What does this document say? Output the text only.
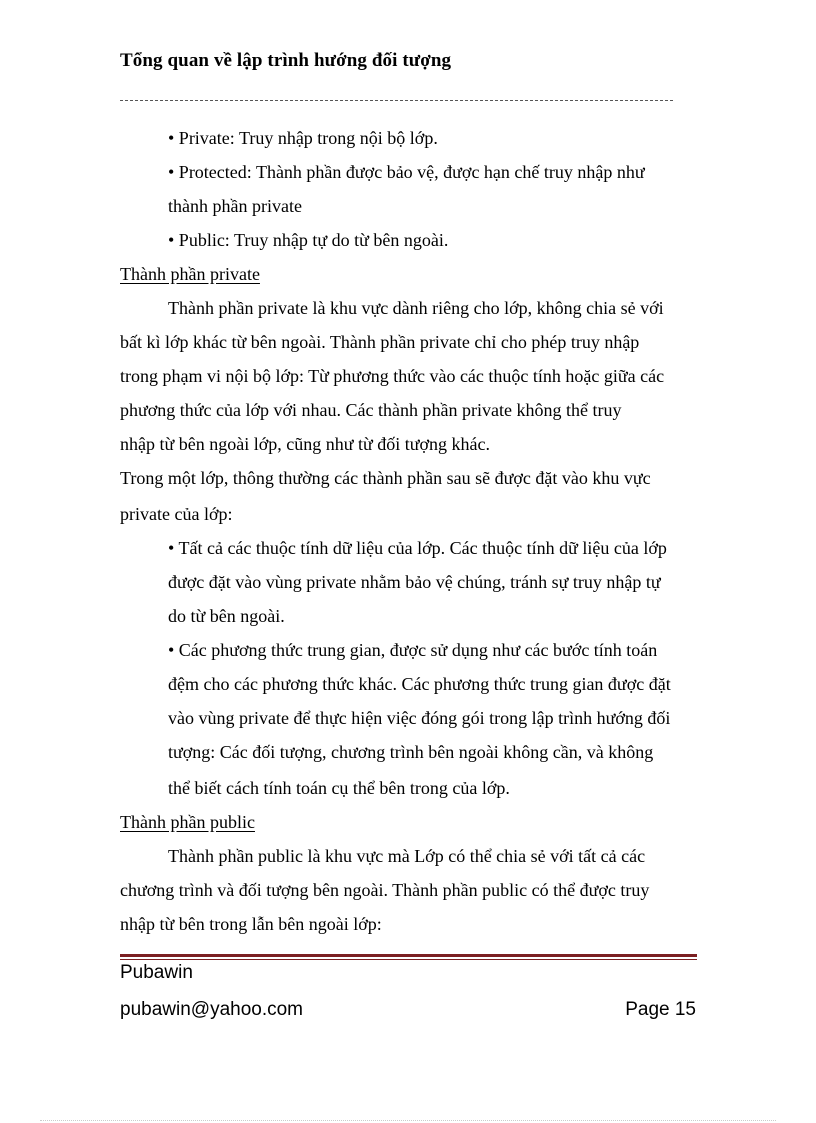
Tổng quan về lập trình hướng đối tượng
• Private: Truy nhập trong nội bộ lớp.
• Protected: Thành phần được bảo vệ, được hạn chế truy nhập như
thành phần private
• Public: Truy nhập tự do từ bên ngoài.
Thành phần private
Thành phần private là khu vực dành riêng cho lớp, không chia sẻ với
bất kì lớp khác từ bên ngoài. Thành phần private chỉ cho phép truy nhập
trong phạm vi nội bộ lớp: Từ phương thức vào các thuộc tính hoặc giữa các
phương thức của lớp với nhau. Các thành phần private không thể truy
nhập từ bên ngoài lớp, cũng như từ đối tượng khác.
Trong một lớp, thông thường các thành phần sau sẽ được đặt vào khu vực
private của lớp:
• Tất cả các thuộc tính dữ liệu của lớp. Các thuộc tính dữ liệu của lớp
được đặt vào vùng private nhằm bảo vệ chúng, tránh sự truy nhập tự
do từ bên ngoài.
• Các phương thức trung gian, được sử dụng như các bước tính toán
đệm cho các phương thức khác. Các phương thức trung gian được đặt
vào vùng private để thực hiện việc đóng gói trong lập trình hướng đối
tượng: Các đối tượng, chương trình bên ngoài không cần, và không
thể biết cách tính toán cụ thể bên trong của lớp.
Thành phần public
Thành phần public là khu vực mà Lớp có thể chia sẻ với tất cả các
chương trình và đối tượng bên ngoài. Thành phần public có thể được truy
nhập từ bên trong lẫn bên ngoài lớp:
Pubawin
pubawin@yahoo.com	Page 15
